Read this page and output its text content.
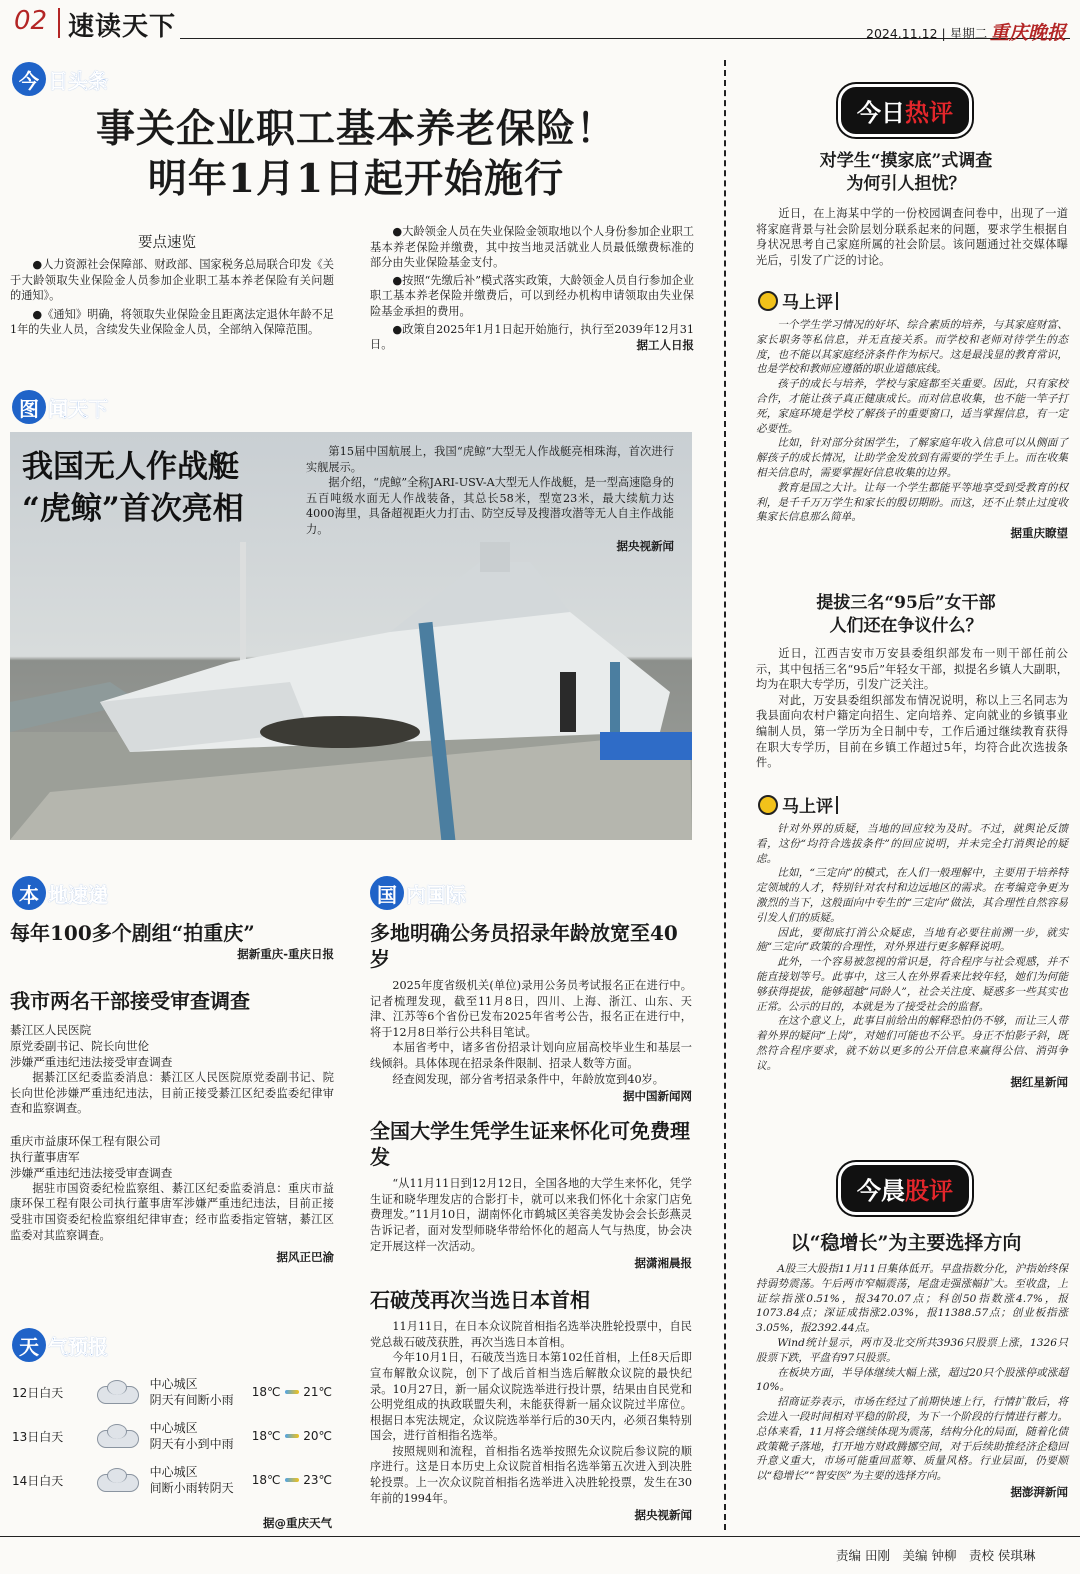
02 速读天下	2024.11.12 | 星期二 重庆晚报
今 日头条
事关企业职工基本养老保险！
明年1月1日起开始施行
要点速览

●人力资源社会保障部、财政部、国家税务总局联合印发《关于大龄领取失业保险金人员参加企业职工基本养老保险有关问题的通知》。

●《通知》明确，将领取失业保险金且距离法定退休年龄不足1年的失业人员，含续发失业保险金人员，全部纳入保障范围。

●大龄领金人员在失业保险金领取地以个人身份参加企业职工基本养老保险并缴费，其中按当地灵活就业人员最低缴费标准的部分由失业保险基金支付。

●按照“先缴后补”模式落实政策，大龄领金人员自行参加企业职工基本养老保险并缴费后，可以到经办机构申请领取由失业保险基金承担的费用。

●政策自2025年1月1日起开始施行，执行至2039年12月31日。	据工人日报
图 闻天下
我国无人作战艇
“虎鲸”首次亮相

第15届中国航展上，我国“虎鲸”大型无人作战艇亮相珠海，首次进行实舰展示。

据介绍，“虎鲸”全称JARI-USV-A大型无人作战艇，是一型高速隐身的五百吨级水面无人作战装备，其总长58米，型宽23米，最大续航力达4000海里，具备超视距火力打击、防空反导及搜潜攻潜等无人自主作战能力。

据央视新闻
本 地速递
每年100多个剧组“拍重庆”
据新重庆-重庆日报
我市两名干部接受审查调查
綦江区人民医院
原党委副书记、院长向世伦
涉嫌严重违纪违法接受审查调查

据綦江区纪委监委消息：綦江区人民医院原党委副书记、院长向世伦涉嫌严重违纪违法，目前正接受綦江区纪委监委纪律审查和监察调查。

重庆市益康环保工程有限公司
执行董事唐军
涉嫌严重违纪违法接受审查调查

据驻市国资委纪检监察组、綦江区纪委监委消息：重庆市益康环保工程有限公司执行董事唐军涉嫌严重违纪违法，目前正接受驻市国资委纪检监察组纪律审查；经市监委指定管辖，綦江区监委对其监察调查。

据风正巴渝
天 气预报
12日白天
中心城区
阴天有间断小雨
18℃ 21℃
13日白天
中心城区
阴天有小到中雨
18℃ 20℃
14日白天
中心城区
间断小雨转阴天
18℃ 23℃
据@重庆天气
国 内国际
多地明确公务员招录年龄放宽至40岁

2025年度省级机关(单位)录用公务员考试报名正在进行中。记者梳理发现，截至11月8日，四川、上海、浙江、山东、天津、江苏等6个省份已发布2025年省考公告，报名正在进行中，将于12月8日举行公共科目笔试。

本届省考中，诸多省份招录计划向应届高校毕业生和基层一线倾斜。具体体现在招录条件限制、招录人数等方面。

经查阅发现，部分省考招录条件中，年龄放宽到40岁。

据中国新闻网
全国大学生凭学生证来怀化可免费理发

“从11月11日到12月12日，全国各地的大学生来怀化，凭学生证和晓华理发店的合影打卡，就可以来我们怀化十余家门店免费理发。”11月10日，湖南怀化市鹤城区美容美发协会会长彭燕灵告诉记者，面对发型师晓华带给怀化的超高人气与热度，协会决定开展这样一次活动。

据潇湘晨报
石破茂再次当选日本首相

11月11日，在日本众议院首相指名选举决胜轮投票中，自民党总裁石破茂获胜，再次当选日本首相。

今年10月1日，石破茂当选日本第102任首相，上任8天后即宣布解散众议院，创下了战后首相当选后解散众议院的最快纪录。10月27日，新一届众议院选举进行投计票，结果由自民党和公明党组成的执政联盟失利，未能获得新一届众议院过半席位。根据日本宪法规定，众议院选举举行后的30天内，必须召集特别国会，进行首相指名选举。

按照规则和流程，首相指名选举按照先众议院后参议院的顺序进行。这是日本历史上众议院首相指名选举第五次进入到决胜轮投票。上一次众议院首相指名选举进入决胜轮投票，发生在30年前的1994年。

据央视新闻
今日热评
对学生“摸家底”式调查
为何引人担忧？

近日，在上海某中学的一份校园调查问卷中，出现了一道将家庭背景与社会阶层划分联系起来的问题，要求学生根据自身状况思考自己家庭所属的社会阶层。该问题通过社交媒体曝光后，引发了广泛的讨论。

马上评

一个学生学习情况的好坏、综合素质的培养，与其家庭财富、家长职务等私信息，并无直接关系。而学校和老师对待学生的态度，也不能以其家庭经济条件作为标尺。这是最浅显的教育常识，也是学校和教师应遵循的职业道德底线。

孩子的成长与培养，学校与家庭都至关重要。因此，只有家校合作，才能让孩子真正健康成长。而对信息收集，也不能一竿子打死，家庭环境是学校了解孩子的重要窗口，适当掌握信息，有一定必要性。

比如，针对部分贫困学生，了解家庭年收入信息可以从侧面了解孩子的成长情况，让助学金发放到有需要的学生手上。而在收集相关信息时，需要掌握好信息收集的边界。

教育是国之大计。让每一个学生都能平等地享受到受教育的权利，是千千万万学生和家长的殷切期盼。而这，还不止禁止过度收集家长信息那么简单。

据重庆瞭望
提拔三名“95后”女干部
人们还在争议什么？

近日，江西吉安市万安县委组织部发布一则干部任前公示，其中包括三名“95后”年轻女干部，拟提名乡镇人大副职，均为在职大专学历，引发广泛关注。

对此，万安县委组织部发布情况说明，称以上三名同志为我县面向农村户籍定向招生、定向培养、定向就业的乡镇事业编制人员，第一学历为全日制中专，工作后通过继续教育获得在职大专学历，目前在乡镇工作超过5年，均符合此次选拔条件。

马上评

针对外界的质疑，当地的回应较为及时。不过，就舆论反馈看，这份“均符合选拔条件”的回应说明，并未完全打消舆论的疑虑。

比如，“三定向”的模式，在人们一般理解中，主要用于培养特定领域的人才，特别针对农村和边远地区的需求。在考编竞争更为激烈的当下，这般面向中专生的“三定向”做法，其合理性自然容易引发人们的质疑。

因此，要彻底打消公众疑虑，当地有必要往前溯一步，就实施“三定向”政策的合理性，对外界进行更多解释说明。

此外，一个容易被忽视的常识是，符合程序与社会观感，并不能直接划等号。此事中，这三人在外界看来比较年轻，她们为何能够获得提拔，能够超越“同龄人”，社会关注度、疑惑多一些其实也正常。公示的目的，本就是为了接受社会的监督。

在这个意义上，此事目前给出的解释恐怕仍不够，而让三人带着外界的疑问“上岗”，对她们可能也不公平。身正不怕影子斜，既然符合程序要求，就不妨以更多的公开信息来赢得公信、消弭争议。

据红星新闻
今晨股评
以“稳增长”为主要选择方向

A股三大股指11月11日集体低开。早盘指数分化，沪指始终保持弱势震荡。午后两市窄幅震荡，尾盘走强涨幅扩大。至收盘，上证综指涨0.51%，报3470.07点；科创50指数涨4.7%，报1073.84点；深证成指涨2.03%，报11388.57点；创业板指涨3.05%，报2392.44点。

Wind统计显示，两市及北交所共3936只股票上涨，1326只股票下跌，平盘有97只股票。

在板块方面，半导体继续大幅上涨，超过20只个股涨停或涨超10%。

招商证券表示，市场在经过了前期快速上行，行情扩散后，将会进入一段时间相对平稳的阶段，为下一个阶段的行情进行蓄力。总体来看，11月将会继续体现为震荡，结构分化的局面，随着化债政策靴子落地，打开地方财政腾挪空间，对于后续助推经济企稳回升意义重大，市场可能重回蓝筹、质量风格。行业层面，仍要顺以“稳增长”“智安医”为主要的选择方向。

据澎湃新闻
责编 田刚　美编 钟柳　责校 侯琪琳
